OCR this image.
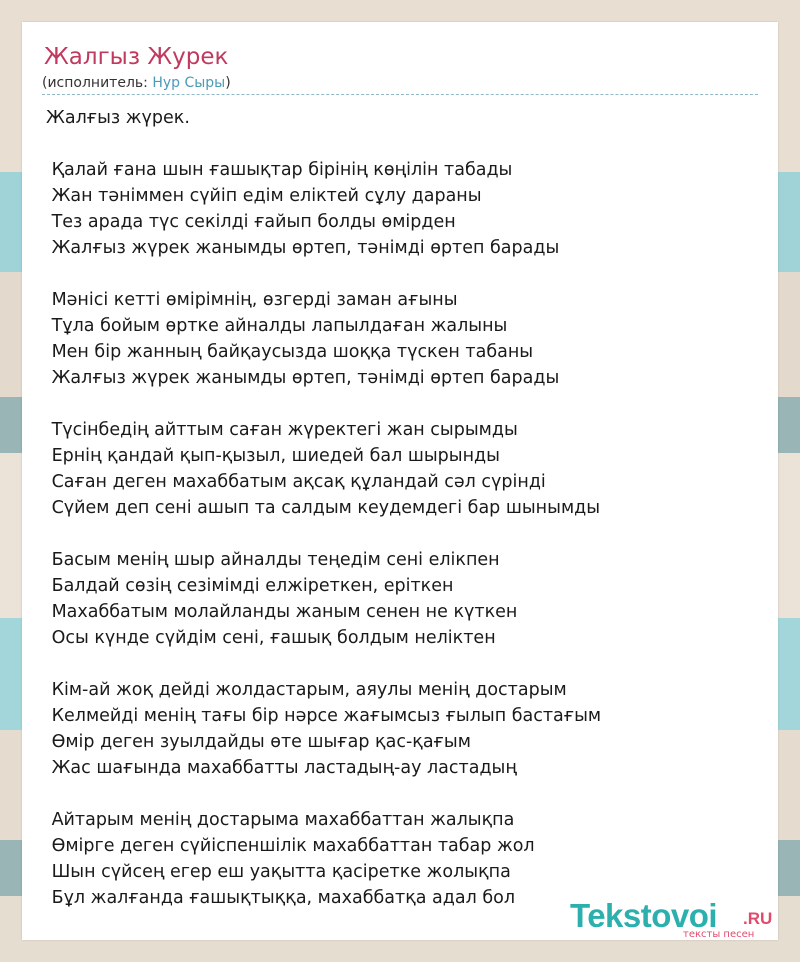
Жалгыз Журек
(исполнитель: Нур Сыры)
Жалғыз жүрек.
Қалай ғана шын ғашықтар бірінің көңілін табады
Жан тәніммен сүйіп едім еліктей сұлу дараны
Тез арада түс секілді ғайып болды өмірден
Жалғыз жүрек жанымды өртеп, тәнімді өртеп барады
Мәнісі кетті өмірімнің, өзгерді заман ағыны
Тұла бойым өртке айналды лапылдаған жалыны
Мен бір жанның байқаусызда шоққа түскен табаны
Жалғыз жүрек жанымды өртеп, тәнімді өртеп барады
Түсінбедің айттым саған жүректегі жан сырымды
Ернің қандай қып-қызыл, шиедей бал шырынды
Саған деген махаббатым ақсақ құландай сәл сүрінді
Сүйем деп сені ашып та салдым кеудемдегі бар шынымды
Басым менің шыр айналды теңедім сені елікпен
Балдай сөзің сезімімді елжіреткен, еріткен
Махаббатым молайланды жаным сенен не күткен
Осы күнде сүйдім сені, ғашық болдым неліктен
Кім-ай жоқ дейді жолдастарым, аяулы менің достарым
Келмейді менің тағы бір нәрсе жағымсыз ғылып бастағым
Өмір деген зуылдайды өте шығар қас-қағым
Жас шағында махаббатты ластадың-ау ластадың
Айтарым менің достарыма махаббаттан жалықпа
Өмірге деген сүйіспеншілік махаббаттан табар жол
Шын сүйсең егер еш уақытта қасіретке жолықпа
Бұл жалғанда ғашықтыққа, махаббатқа адал бол	Tekstovoi .RU
тексты песен
